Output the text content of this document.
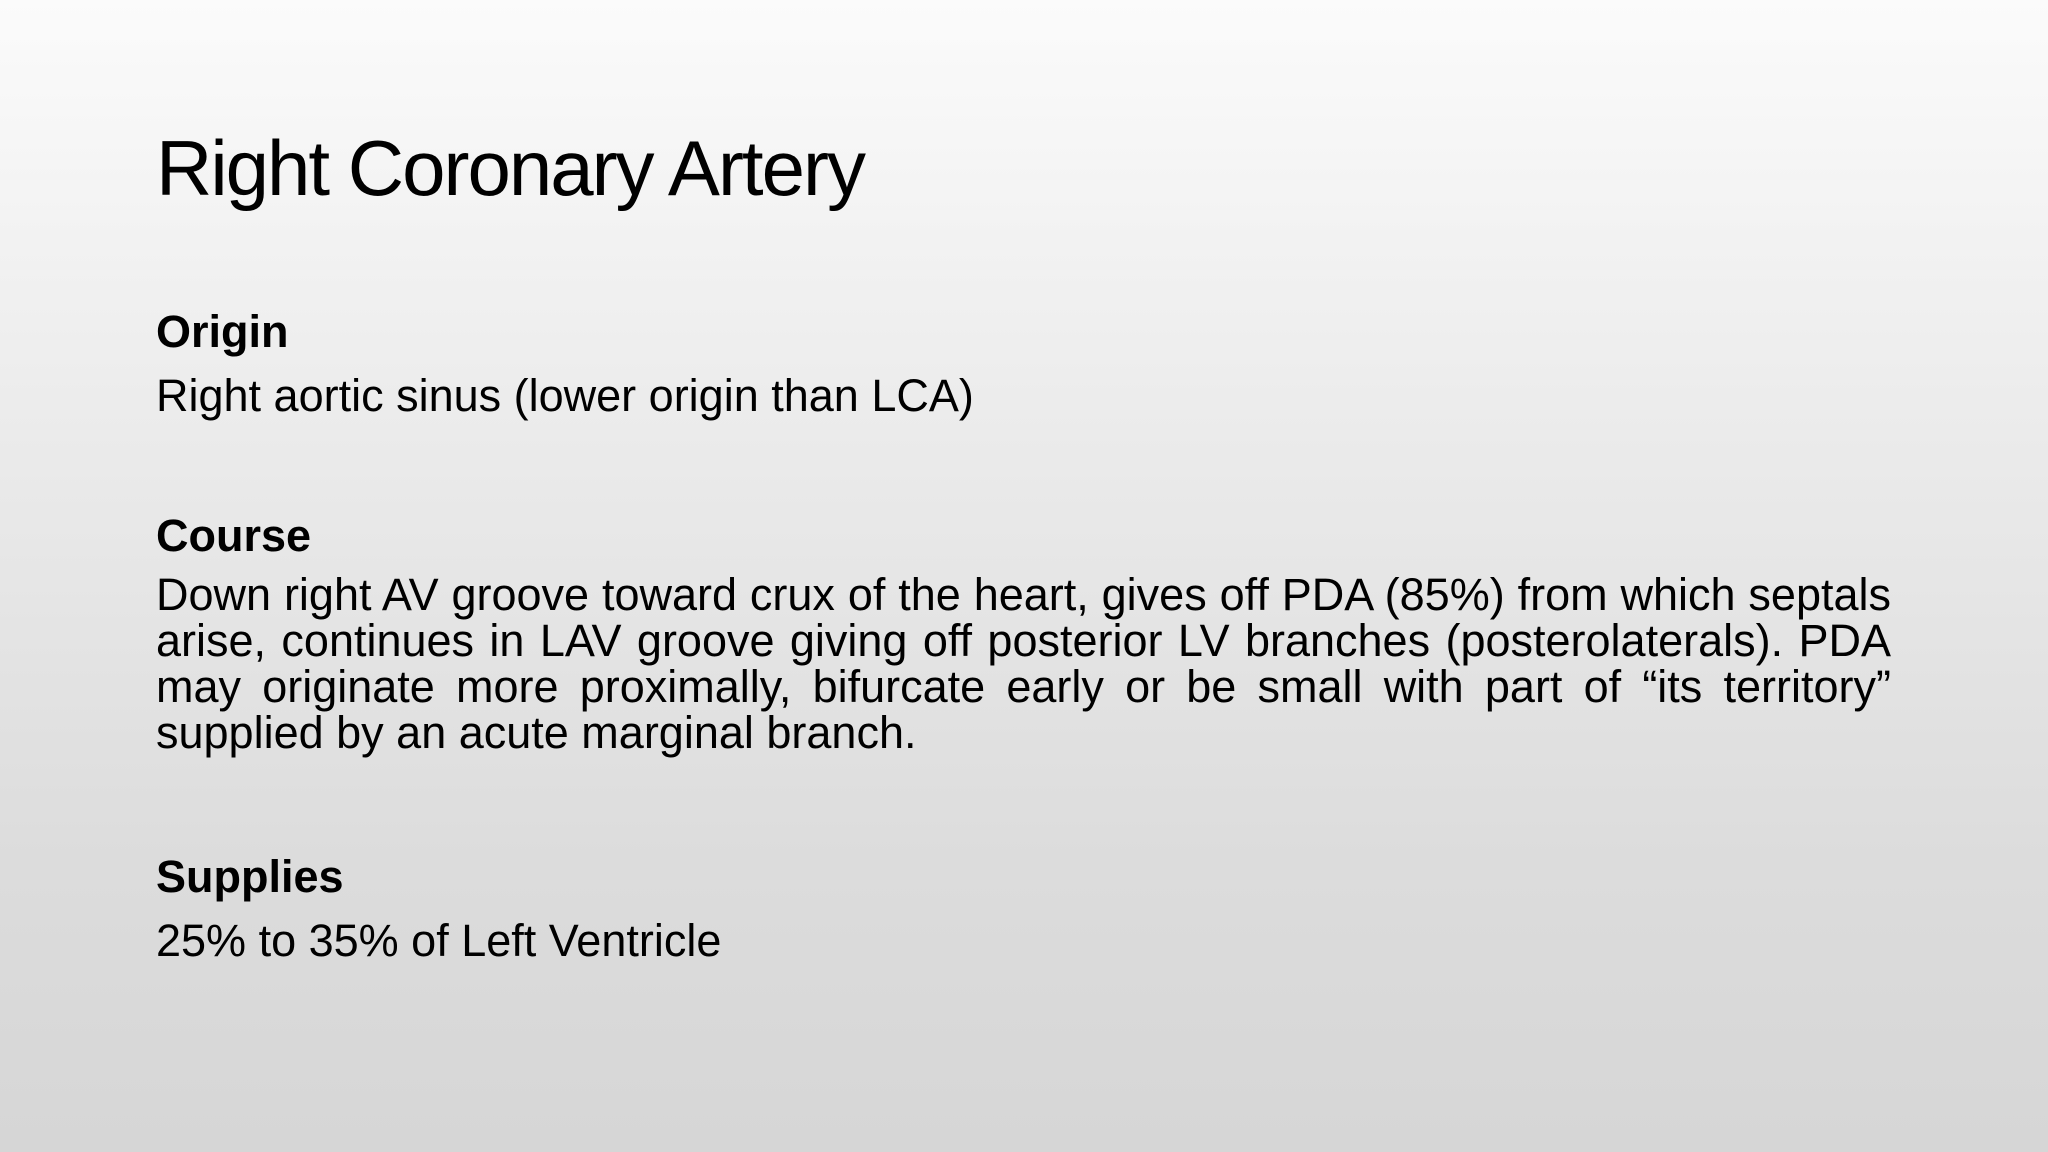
Right Coronary Artery

Origin

Right aortic sinus (lower origin than LCA)

Course

Down right AV groove toward crux of the heart, gives off PDA (85%) from which septals arise, continues in LAV groove giving off posterior LV branches (posterolaterals). PDA may originate more proximally, bifurcate early or be small with part of “its territory” supplied by an acute marginal branch.

Supplies

25% to 35% of Left Ventricle
